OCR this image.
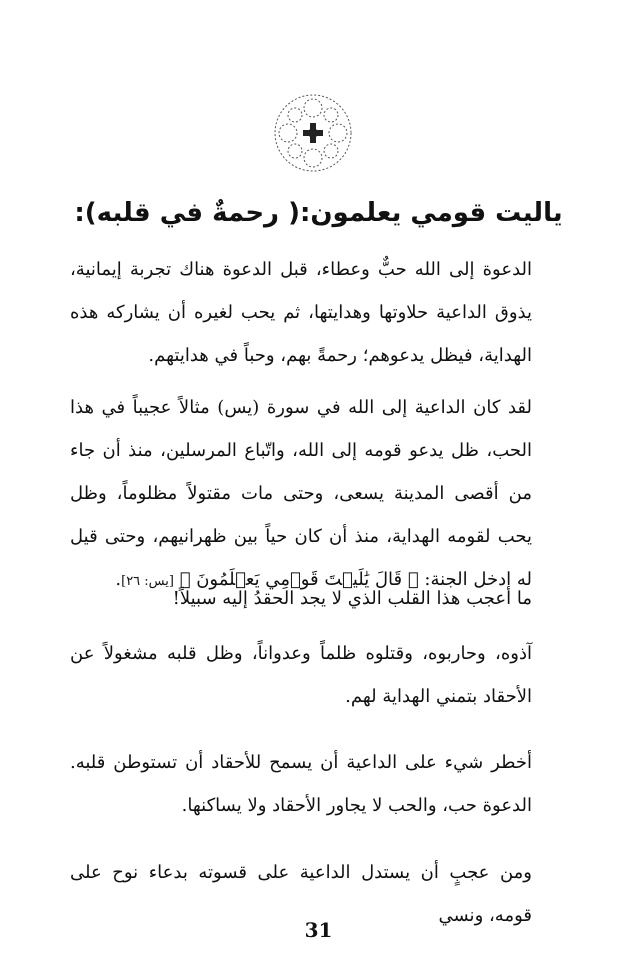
ياليت قومي يعلمون:( رحمةٌ في قلبه):

الدعوة إلى الله حبٌّ وعطاء، قبل الدعوة هناك تجربة إيمانية، يذوق الداعية حلاوتها وهدايتها، ثم يحب لغيره أن يشاركه هذه الهداية، فيظل يدعوهم؛ رحمةً بهم، وحباً في هدايتهم.

لقد كان الداعية إلى الله في سورة (يس) مثالاً عجيباً في هذا الحب، ظل يدعو قومه إلى الله، واتّباع المرسلين، منذ أن جاء من أقصى المدينة يسعى، وحتى مات مقتولاً مظلوماً، وظل يحب لقومه الهداية، منذ أن كان حياً بين ظهرانيهم، وحتى قيل له ادخل الجنة: ﴿ قَالَ يَٰلَيۡتَ قَوۡمِي يَعۡلَمُونَ ﴾ [يس: ٢٦].

ما أعجب هذا القلب الذي لا يجد الحقدُ إليه سبيلاً!

آذوه، وحاربوه، وقتلوه ظلماً وعدواناً، وظل قلبه مشغولاً عن الأحقاد بتمني الهداية لهم.

أخطر شيء على الداعية أن يسمح للأحقاد أن تستوطن قلبه. الدعوة حب، والحب لا يجاور الأحقاد ولا يساكنها.

ومن عجبٍ أن يستدل الداعية على قسوته بدعاء نوح على قومه، ونسي

31
